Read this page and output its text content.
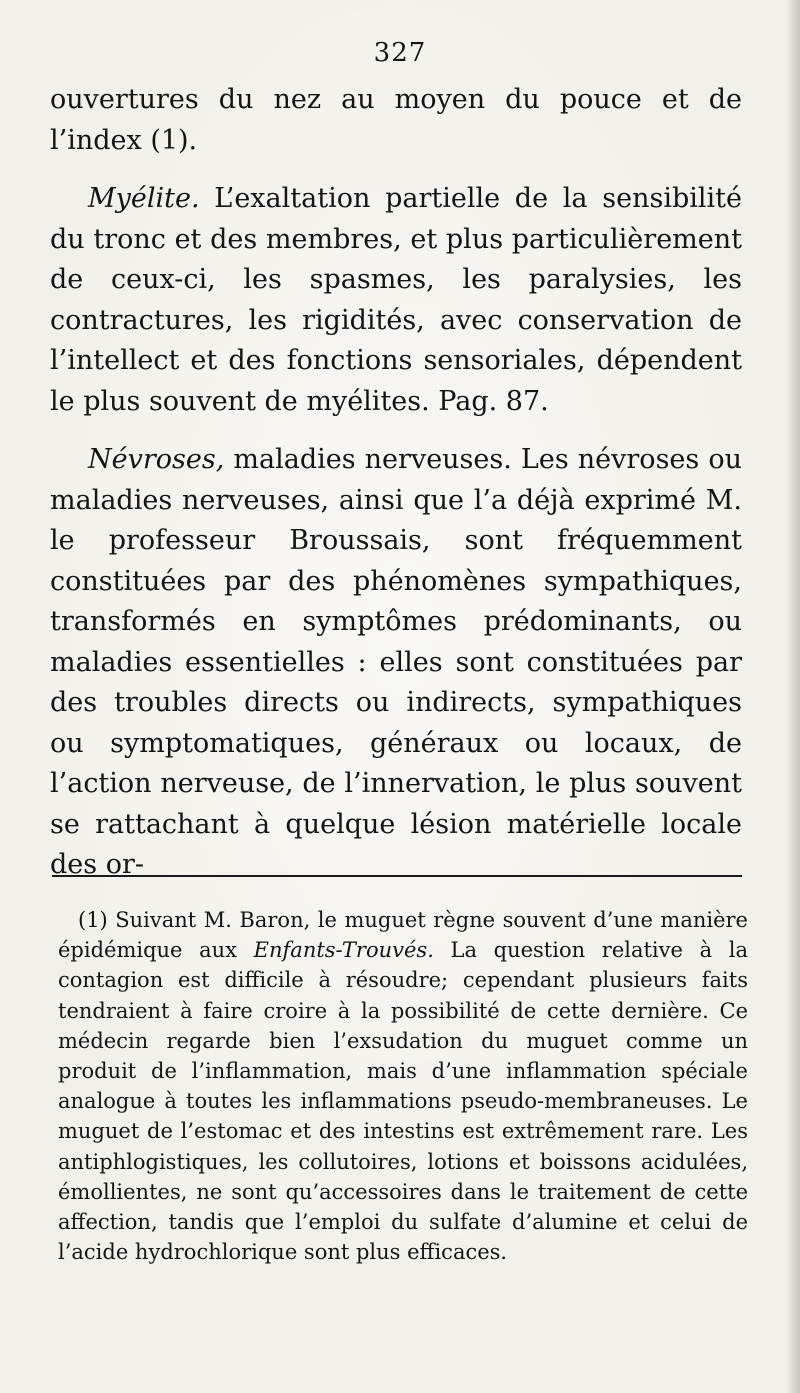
327

ouvertures du nez au moyen du pouce et de l’index (1).

Myélite. L’exaltation partielle de la sensibilité du tronc et des membres, et plus particulièrement de ceux-ci, les spasmes, les paralysies, les contractures, les rigidités, avec conservation de l’intellect et des fonctions sensoriales, dépendent le plus souvent de myélites. Pag. 87.

Névroses, maladies nerveuses. Les névroses ou maladies nerveuses, ainsi que l’a déjà exprimé M. le professeur Broussais, sont fréquemment constituées par des phénomènes sympathiques, transformés en symptômes prédominants, ou maladies essentielles : elles sont constituées par des troubles directs ou indirects, sympathiques ou symptomatiques, généraux ou locaux, de l’action nerveuse, de l’innervation, le plus souvent se rattachant à quelque lésion matérielle locale des or-

(1) Suivant M. Baron, le muguet règne souvent d’une manière épidémique aux Enfants-Trouvés. La question relative à la contagion est difficile à résoudre; cependant plusieurs faits tendraient à faire croire à la possibilité de cette dernière. Ce médecin regarde bien l’exsudation du muguet comme un produit de l’inflammation, mais d’une inflammation spéciale analogue à toutes les inflammations pseudo-membraneuses. Le muguet de l’estomac et des intestins est extrêmement rare. Les antiphlogistiques, les collutoires, lotions et boissons acidulées, émollientes, ne sont qu’accessoires dans le traitement de cette affection, tandis que l’emploi du sulfate d’alumine et celui de l’acide hydrochlorique sont plus efficaces.
